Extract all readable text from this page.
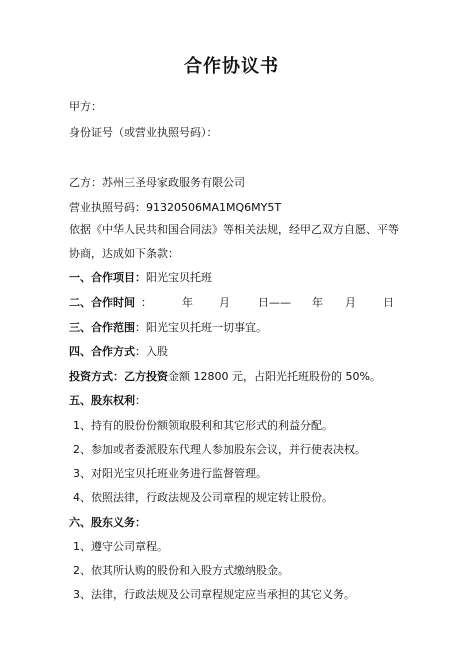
合作协议书
甲方：
身份证号（或营业执照号码）：
乙方：苏州三圣母家政服务有限公司
营业执照号码：91320506MA1MQ6MY5T
依据《中华人民共和国合同法》等相关法规，经甲乙双方自愿、平等
协商，达成如下条款：
一、合作项目：阳光宝贝托班
二、合作时间 ：	年 月	日—— 年 月 日
三、合作范围：阳光宝贝托班一切事宜。
四、合作方式：入股
投资方式：乙方投资金额 12800 元，占阳光托班股份的 50%。
五、股东权利：
1、持有的股份份额领取股利和其它形式的利益分配。
2、参加或者委派股东代理人参加股东会议，并行使表决权。
3、对阳光宝贝托班业务进行监督管理。
4、依照法律，行政法规及公司章程的规定转让股份。
六、股东义务：
1、遵守公司章程。
2、依其所认购的股份和入股方式缴纳股金。
3、法律，行政法规及公司章程规定应当承担的其它义务。
